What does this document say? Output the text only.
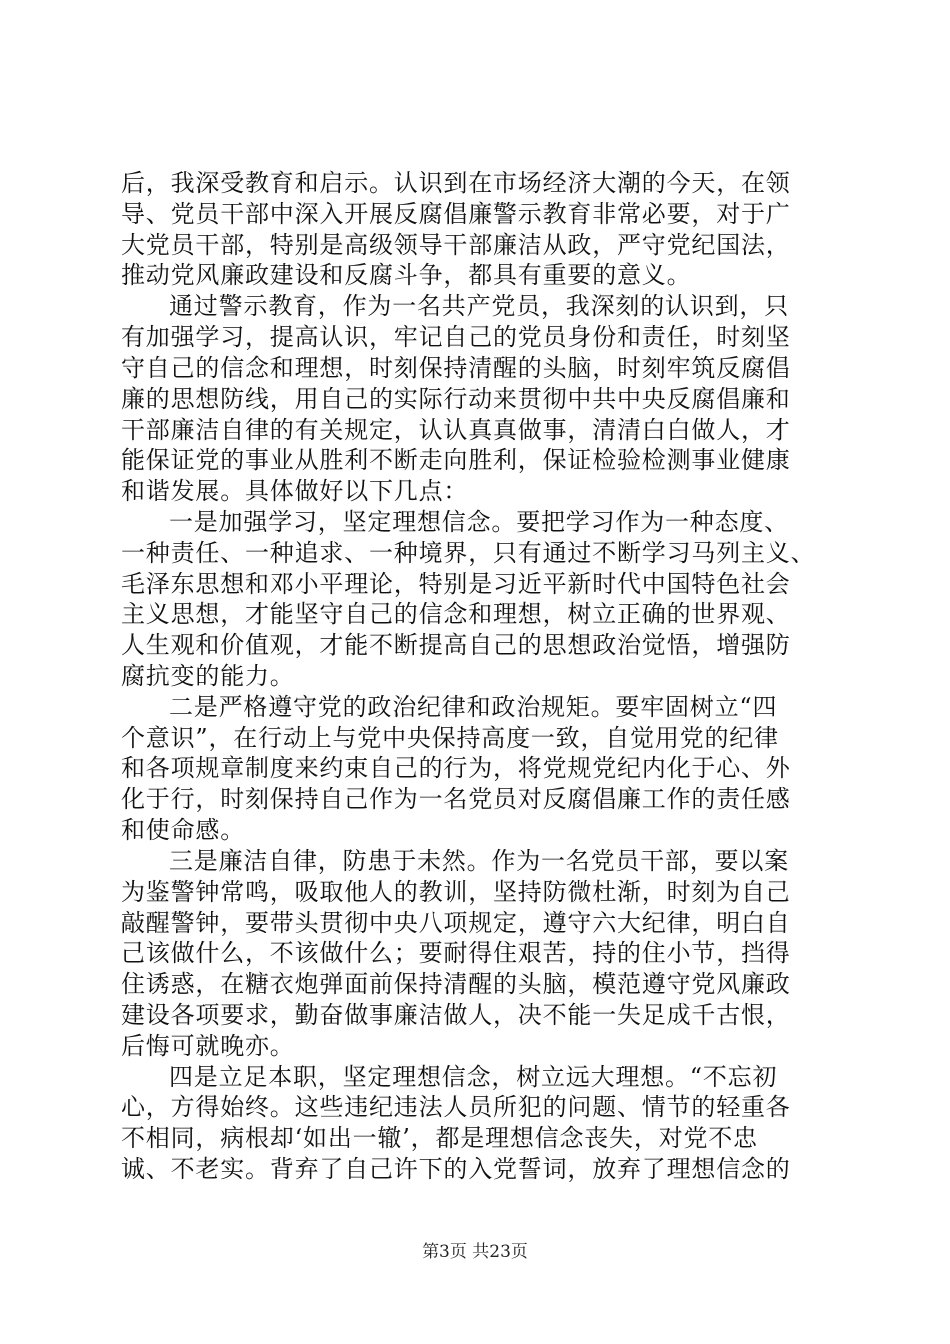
后，我深受教育和启示。认识到在市场经济大潮的今天，在领
导、党员干部中深入开展反腐倡廉警示教育非常必要，对于广
大党员干部，特别是高级领导干部廉洁从政，严守党纪国法，
推动党风廉政建设和反腐斗争，都具有重要的意义。
通过警示教育，作为一名共产党员，我深刻的认识到，只
有加强学习，提高认识，牢记自己的党员身份和责任，时刻坚
守自己的信念和理想，时刻保持清醒的头脑，时刻牢筑反腐倡
廉的思想防线，用自己的实际行动来贯彻中共中央反腐倡廉和
干部廉洁自律的有关规定，认认真真做事，清清白白做人，才
能保证党的事业从胜利不断走向胜利，保证检验检测事业健康
和谐发展。具体做好以下几点：
一是加强学习，坚定理想信念。要把学习作为一种态度、
一种责任、一种追求、一种境界，只有通过不断学习马列主义、
毛泽东思想和邓小平理论，特别是习近平新时代中国特色社会
主义思想，才能坚守自己的信念和理想，树立正确的世界观、
人生观和价值观，才能不断提高自己的思想政治觉悟，增强防
腐抗变的能力。
二是严格遵守党的政治纪律和政治规矩。要牢固树立“四
个意识”，在行动上与党中央保持高度一致，自觉用党的纪律
和各项规章制度来约束自己的行为，将党规党纪内化于心、外
化于行，时刻保持自己作为一名党员对反腐倡廉工作的责任感
和使命感。
三是廉洁自律，防患于未然。作为一名党员干部，要以案
为鉴警钟常鸣，吸取他人的教训，坚持防微杜渐，时刻为自己
敲醒警钟，要带头贯彻中央八项规定，遵守六大纪律，明白自
己该做什么，不该做什么；要耐得住艰苦，持的住小节，挡得
住诱惑，在糖衣炮弹面前保持清醒的头脑，模范遵守党风廉政
建设各项要求，勤奋做事廉洁做人，决不能一失足成千古恨，
后悔可就晚亦。
四是立足本职，坚定理想信念，树立远大理想。“不忘初
心，方得始终。这些违纪违法人员所犯的问题、情节的轻重各
不相同，病根却‘如出一辙’，都是理想信念丧失，对党不忠
诚、不老实。背弃了自己许下的入党誓词，放弃了理想信念的
第3页 共23页
